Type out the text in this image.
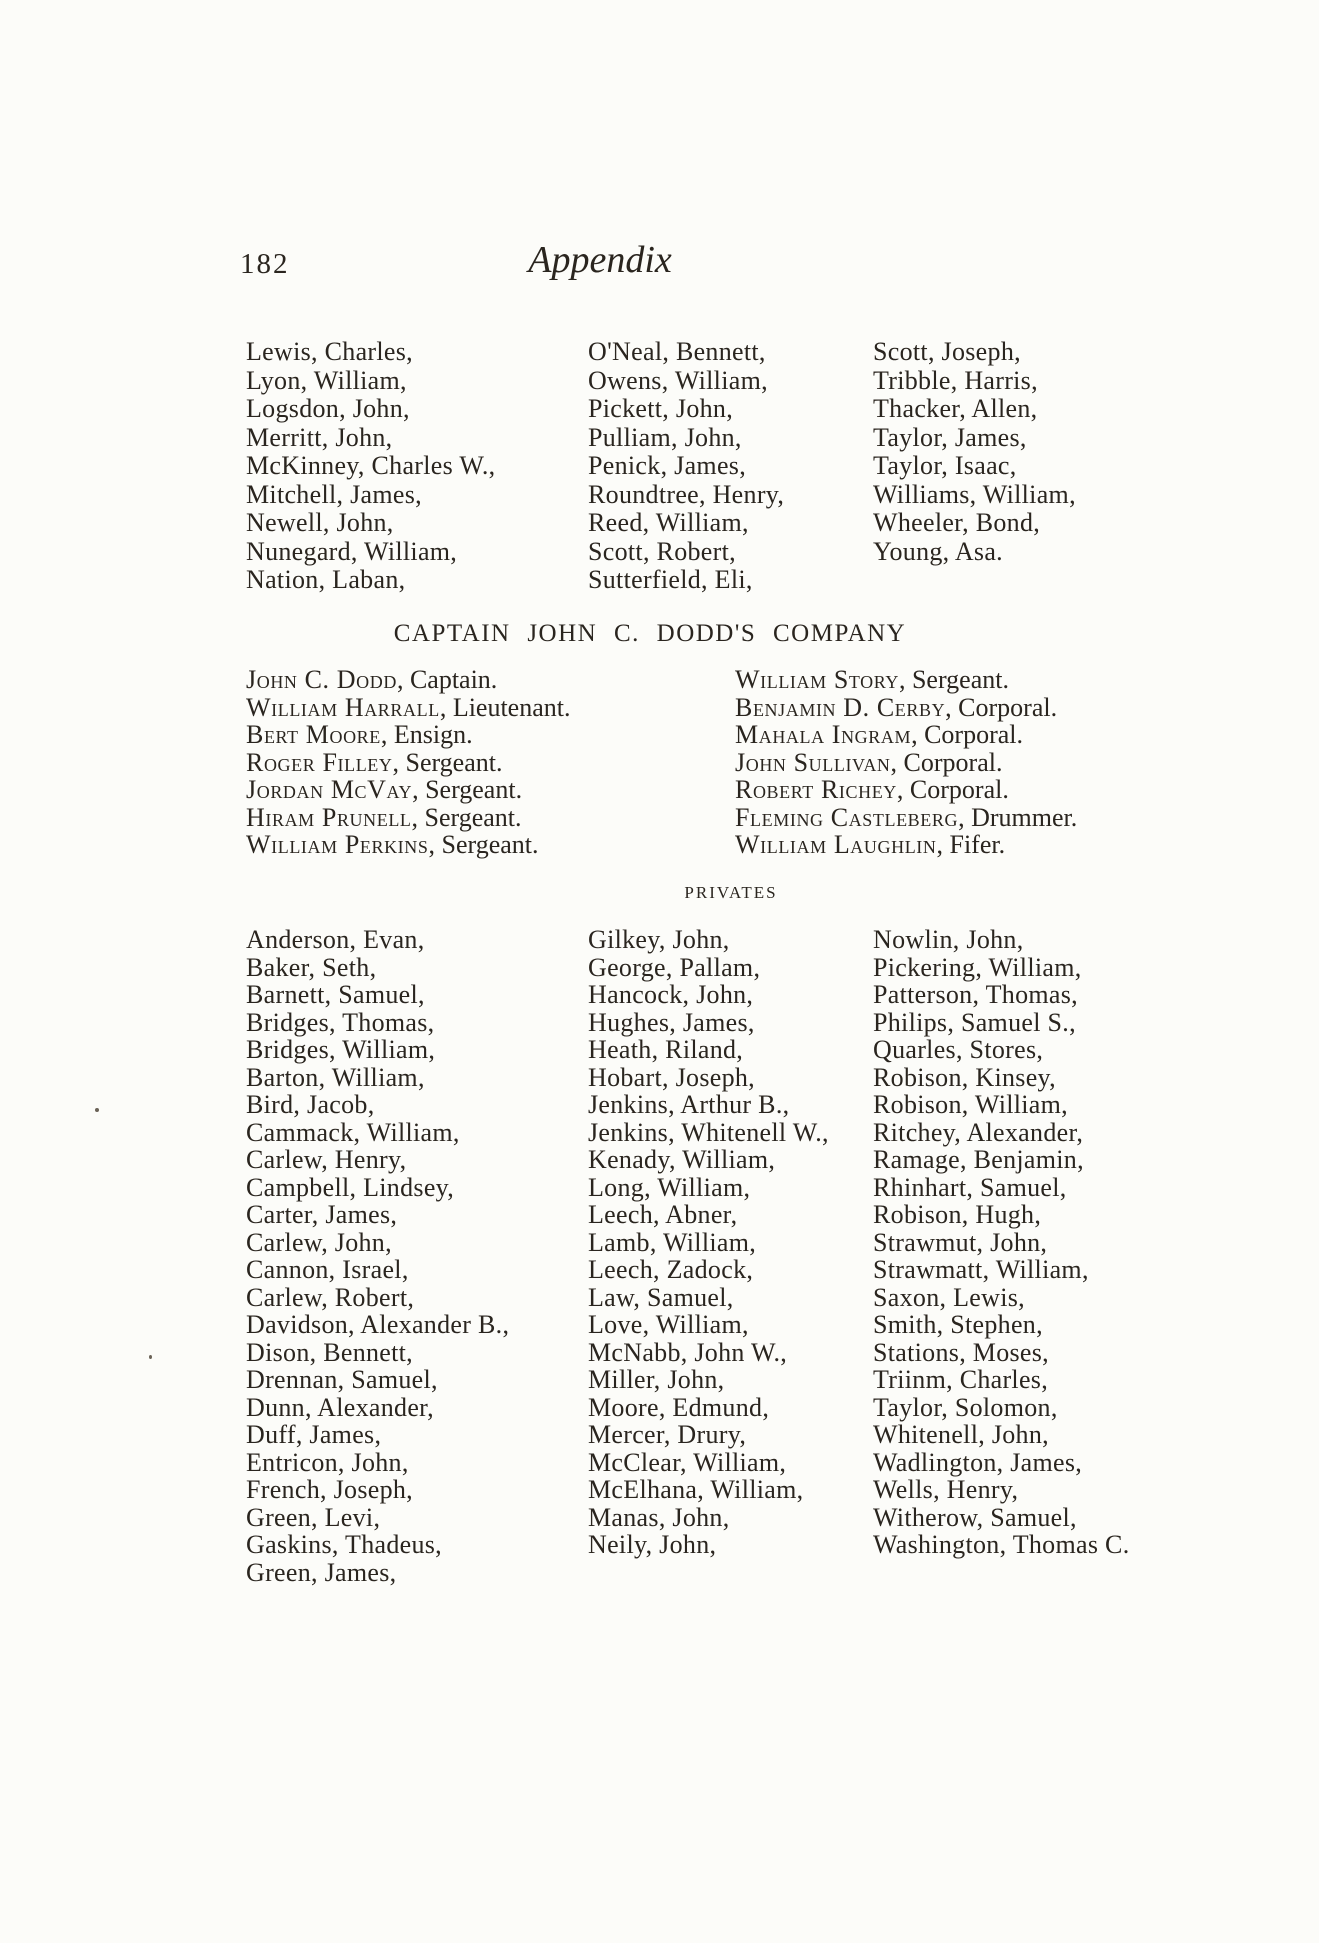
182	Appendix
Lewis, Charles,
Lyon, William,
Logsdon, John,
Merritt, John,
McKinney, Charles W.,
Mitchell, James,
Newell, John,
Nunegard, William,
Nation, Laban,
O'Neal, Bennett,
Owens, William,
Pickett, John,
Pulliam, John,
Penick, James,
Roundtree, Henry,
Reed, William,
Scott, Robert,
Sutterfield, Eli,
Scott, Joseph,
Tribble, Harris,
Thacker, Allen,
Taylor, James,
Taylor, Isaac,
Williams, William,
Wheeler, Bond,
Young, Asa.
CAPTAIN JOHN C. DODD'S COMPANY
John C. Dodd, Captain.
William Harrall, Lieutenant.
Bert Moore, Ensign.
Roger Filley, Sergeant.
Jordan McVay, Sergeant.
Hiram Prunell, Sergeant.
William Perkins, Sergeant.
William Story, Sergeant.
Benjamin D. Cerby, Corporal.
Mahala Ingram, Corporal.
John Sullivan, Corporal.
Robert Richey, Corporal.
Fleming Castleberg, Drummer.
William Laughlin, Fifer.
PRIVATES
Anderson, Evan,
Baker, Seth,
Barnett, Samuel,
Bridges, Thomas,
Bridges, William,
Barton, William,
Bird, Jacob,
Cammack, William,
Carlew, Henry,
Campbell, Lindsey,
Carter, James,
Carlew, John,
Cannon, Israel,
Carlew, Robert,
Davidson, Alexander B.,
Dison, Bennett,
Drennan, Samuel,
Dunn, Alexander,
Duff, James,
Entricon, John,
French, Joseph,
Green, Levi,
Gaskins, Thadeus,
Green, James,
Gilkey, John,
George, Pallam,
Hancock, John,
Hughes, James,
Heath, Riland,
Hobart, Joseph,
Jenkins, Arthur B.,
Jenkins, Whitenell W.,
Kenady, William,
Long, William,
Leech, Abner,
Lamb, William,
Leech, Zadock,
Law, Samuel,
Love, William,
McNabb, John W.,
Miller, John,
Moore, Edmund,
Mercer, Drury,
McClear, William,
McElhana, William,
Manas, John,
Neily, John,
Nowlin, John,
Pickering, William,
Patterson, Thomas,
Philips, Samuel S.,
Quarles, Stores,
Robison, Kinsey,
Robison, William,
Ritchey, Alexander,
Ramage, Benjamin,
Rhinhart, Samuel,
Robison, Hugh,
Strawmut, John,
Strawmatt, William,
Saxon, Lewis,
Smith, Stephen,
Stations, Moses,
Triinm, Charles,
Taylor, Solomon,
Whitenell, John,
Wadlington, James,
Wells, Henry,
Witherow, Samuel,
Washington, Thomas C.
